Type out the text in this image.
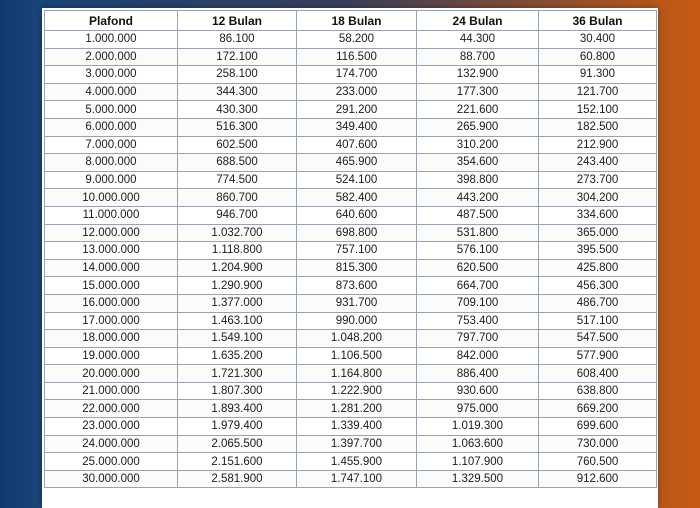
Plafond	12 Bulan	18 Bulan	24 Bulan	36 Bulan
1.000.000	86.100	58.200	44.300	30.400
2.000.000	172.100	116.500	88.700	60.800
3.000.000	258.100	174.700	132.900	91.300
4.000.000	344.300	233.000	177.300	121.700
5.000.000	430.300	291.200	221.600	152.100
6.000.000	516.300	349.400	265.900	182.500
7.000.000	602.500	407.600	310.200	212.900
8.000.000	688.500	465.900	354.600	243.400
9.000.000	774.500	524.100	398.800	273.700
10.000.000	860.700	582.400	443.200	304.200
11.000.000	946.700	640.600	487.500	334.600
12.000.000	1.032.700	698.800	531.800	365.000
13.000.000	1.118.800	757.100	576.100	395.500
14.000.000	1.204.900	815.300	620.500	425.800
15.000.000	1.290.900	873.600	664.700	456.300
16.000.000	1.377.000	931.700	709.100	486.700
17.000.000	1.463.100	990.000	753.400	517.100
18.000.000	1.549.100	1.048.200	797.700	547.500
19.000.000	1.635.200	1.106.500	842.000	577.900
20.000.000	1.721.300	1.164.800	886.400	608.400
21.000.000	1.807.300	1.222.900	930.600	638.800
22.000.000	1.893.400	1.281.200	975.000	669.200
23.000.000	1.979.400	1.339.400	1.019.300	699.600
24.000.000	2.065.500	1.397.700	1.063.600	730.000
25.000.000	2.151.600	1.455.900	1.107.900	760.500
30.000.000	2.581.900	1.747.100	1.329.500	912.600
